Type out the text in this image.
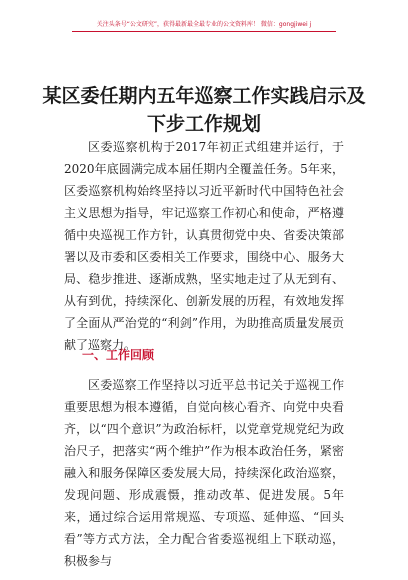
关注头条号“公文研究”，获得最新最全最专业的公文资料库！ 微信：gongjiwei j
某区委任期内五年巡察工作实践启示及下步工作规划

区委巡察机构于2017年初正式组建并运行，于2020年底圆满完成本届任期内全覆盖任务。5年来，区委巡察机构始终坚持以习近平新时代中国特色社会主义思想为指导，牢记巡察工作初心和使命，严格遵循中央巡视工作方针，认真贯彻党中央、省委决策部署以及市委和区委相关工作要求，围绕中心、服务大局、稳步推进、逐渐成熟，坚实地走过了从无到有、从有到优，持续深化、创新发展的历程，有效地发挥了全面从严治党的“利剑”作用，为助推高质量发展贡献了巡察力。

一、工作回顾

区委巡察工作坚持以习近平总书记关于巡视工作重要思想为根本遵循，自觉向核心看齐、向党中央看齐，以“四个意识”为政治标杆，以党章党规党纪为政治尺子，把落实“两个维护”作为根本政治任务，紧密融入和服务保障区委发展大局，持续深化政治巡察，发现问题、形成震慑，推动改革、促进发展。5年来，通过综合运用常规巡、专项巡、延伸巡、“回头看”等方式方法，全力配合省委巡视组上下联动巡，积极参与
